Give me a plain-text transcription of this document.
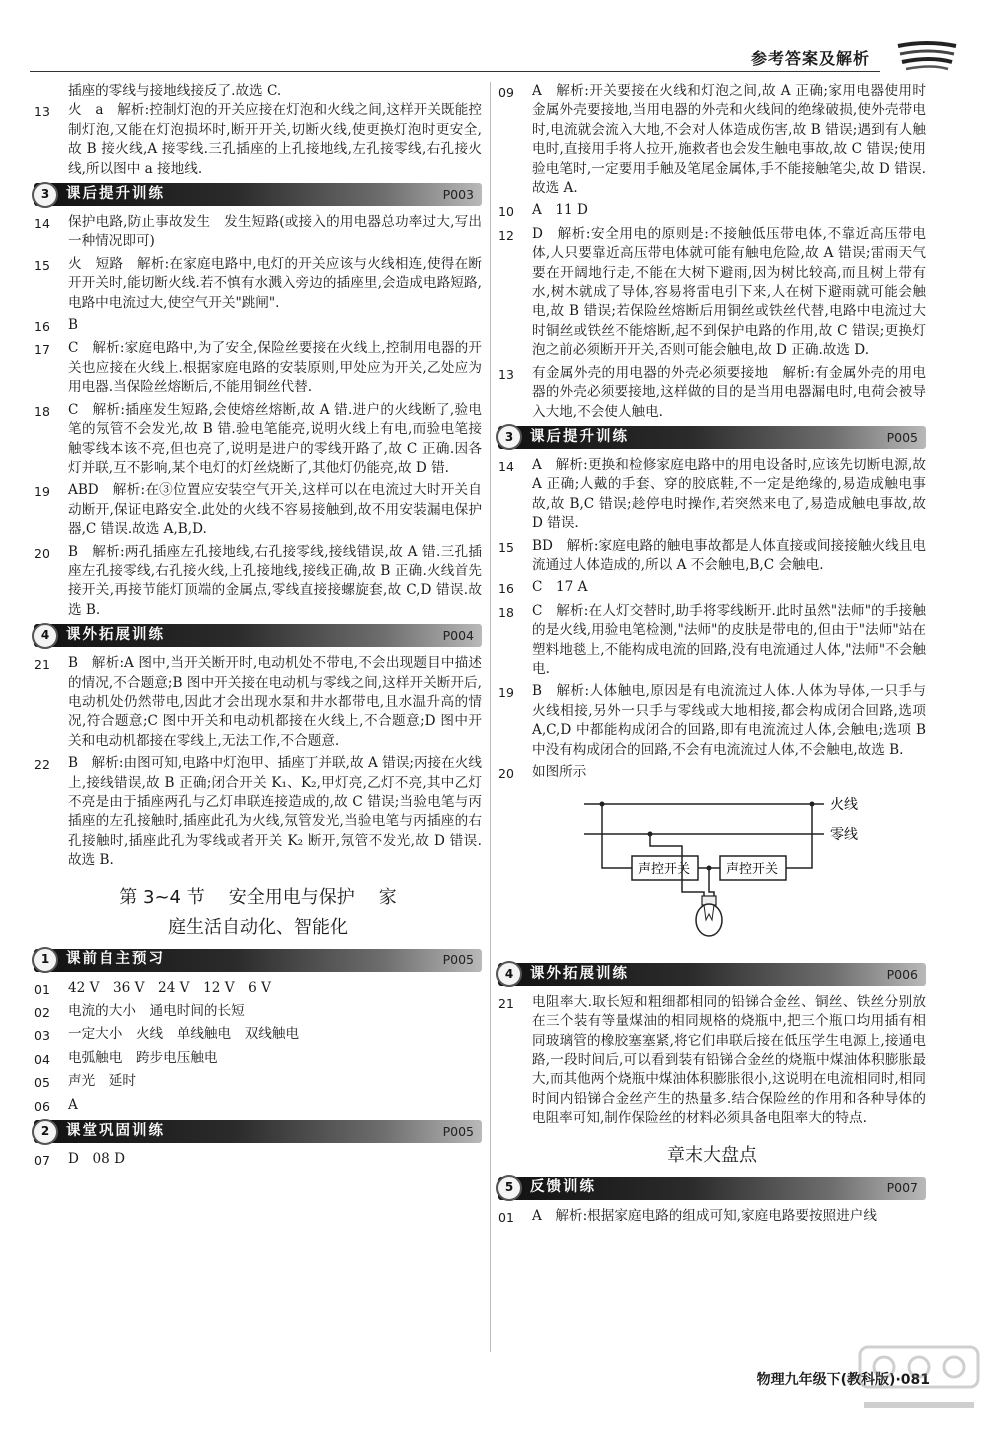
参考答案及解析
插座的零线与接地线接反了.故选 C.
13	火　a　解析:控制灯泡的开关应接在灯泡和火线之间,这样开关既能控制灯泡,又能在灯泡损坏时,断开开关,切断火线,使更换灯泡时更安全,故 B 接火线,A 接零线.三孔插座的上孔接地线,左孔接零线,右孔接火线,所以图中 a 接地线.
3	课后提升训练	P003
14	保护电路,防止事故发生　发生短路(或接入的用电器总功率过大,写出一种情况即可)
15	火　短路　解析:在家庭电路中,电灯的开关应该与火线相连,使得在断开开关时,能切断火线.若不慎有水溅入旁边的插座里,会造成电路短路,电路中电流过大,使空气开关"跳闸".
16	B
17	C　解析:家庭电路中,为了安全,保险丝要接在火线上,控制用电器的开关也应接在火线上.根据家庭电路的安装原则,甲处应为开关,乙处应为用电器.当保险丝熔断后,不能用铜丝代替.
18	C　解析:插座发生短路,会使熔丝熔断,故 A 错.进户的火线断了,验电笔的氖管不会发光,故 B 错.验电笔能亮,说明火线上有电,而验电笔接触零线本该不亮,但也亮了,说明是进户的零线开路了,故 C 正确.因各灯并联,互不影响,某个电灯的灯丝烧断了,其他灯仍能亮,故 D 错.
19	ABD　解析:在③位置应安装空气开关,这样可以在电流过大时开关自动断开,保证电路安全.此处的火线不容易接触到,故不用安装漏电保护器,C 错误.故选 A,B,D.
20	B　解析:两孔插座左孔接地线,右孔接零线,接线错误,故 A 错.三孔插座左孔接零线,右孔接火线,上孔接地线,接线正确,故 B 正确.火线首先接开关,再接节能灯顶端的金属点,零线直接接螺旋套,故 C,D 错误.故选 B.
4	课外拓展训练	P004
21	B　解析:A 图中,当开关断开时,电动机处不带电,不会出现题目中描述的情况,不合题意;B 图中开关接在电动机与零线之间,这样开关断开后,电动机处仍然带电,因此才会出现水泵和井水都带电,且水温升高的情况,符合题意;C 图中开关和电动机都接在火线上,不合题意;D 图中开关和电动机都接在零线上,无法工作,不合题意.
22	B　解析:由图可知,电路中灯泡甲、插座丁并联,故 A 错误;丙接在火线上,接线错误,故 B 正确;闭合开关 K₁、K₂,甲灯亮,乙灯不亮,其中乙灯不亮是由于插座两孔与乙灯串联连接造成的,故 C 错误;当验电笔与丙插座的左孔接触时,插座此孔为火线,氖管发光,当验电笔与丙插座的右孔接触时,插座此孔为零线或者开关 K₂ 断开,氖管不发光,故 D 错误.故选 B.
第 3~4 节 安全用电与保护 家
庭生活自动化、智能化
1	课前自主预习	P005
01	42 V　36 V　24 V　12 V　6 V
02	电流的大小　通电时间的长短
03	一定大小　火线　单线触电　双线触电
04	电弧触电　跨步电压触电
05	声光　延时
06	A
2	课堂巩固训练	P005
07	D　08 D
09	A　解析:开关要接在火线和灯泡之间,故 A 正确;家用电器使用时金属外壳要接地,当用电器的外壳和火线间的绝缘破损,使外壳带电时,电流就会流入大地,不会对人体造成伤害,故 B 错误;遇到有人触电时,直接用手将人拉开,施救者也会发生触电事故,故 C 错误;使用验电笔时,一定要用手触及笔尾金属体,手不能接触笔尖,故 D 错误.故选 A.
10	A　11 D
12	D　解析:安全用电的原则是:不接触低压带电体,不靠近高压带电体,人只要靠近高压带电体就可能有触电危险,故 A 错误;雷雨天气要在开阔地行走,不能在大树下避雨,因为树比较高,而且树上带有水,树木就成了导体,容易将雷电引下来,人在树下避雨就可能会触电,故 B 错误;若保险丝熔断后用铜丝或铁丝代替,电路中电流过大时铜丝或铁丝不能熔断,起不到保护电路的作用,故 C 错误;更换灯泡之前必须断开开关,否则可能会触电,故 D 正确.故选 D.
13	有金属外壳的用电器的外壳必须要接地　解析:有金属外壳的用电器的外壳必须要接地,这样做的目的是当用电器漏电时,电荷会被导入大地,不会使人触电.
3	课后提升训练	P005
14	A　解析:更换和检修家庭电路中的用电设备时,应该先切断电源,故 A 正确;人戴的手套、穿的胶底鞋,不一定是绝缘的,易造成触电事故,故 B,C 错误;趁停电时操作,若突然来电了,易造成触电事故,故 D 错误.
15	BD　解析:家庭电路的触电事故都是人体直接或间接接触火线且电流通过人体造成的,所以 A 不会触电,B,C 会触电.
16	C　17 A
18	C　解析:在人灯交替时,助手将零线断开.此时虽然"法师"的手接触的是火线,用验电笔检测,"法师"的皮肤是带电的,但由于"法师"站在塑料地毯上,不能构成电流的回路,没有电流通过人体,"法师"不会触电.
19	B　解析:人体触电,原因是有电流流过人体.人体为导体,一只手与火线相接,另外一只手与零线或大地相接,都会构成闭合回路,选项 A,C,D 中都能构成闭合的回路,即有电流流过人体,会触电;选项 B 中没有构成闭合的回路,不会有电流流过人体,不会触电,故选 B.
20	如图所示
火线
零线
声控开关	声控开关
4	课外拓展训练	P006
21	电阻率大.取长短和粗细都相同的铅锑合金丝、铜丝、铁丝分别放在三个装有等量煤油的相同规格的烧瓶中,把三个瓶口均用插有相同玻璃管的橡胶塞塞紧,将它们串联后接在低压学生电源上,接通电路,一段时间后,可以看到装有铅锑合金丝的烧瓶中煤油体积膨胀最大,而其他两个烧瓶中煤油体积膨胀很小,这说明在电流相同时,相同时间内铅锑合金丝产生的热量多.结合保险丝的作用和各种导体的电阻率可知,制作保险丝的材料必须具备电阻率大的特点.
章末大盘点
5	反馈训练	P007
01	A　解析:根据家庭电路的组成可知,家庭电路要按照进户线
物理九年级下(教科版)·081
